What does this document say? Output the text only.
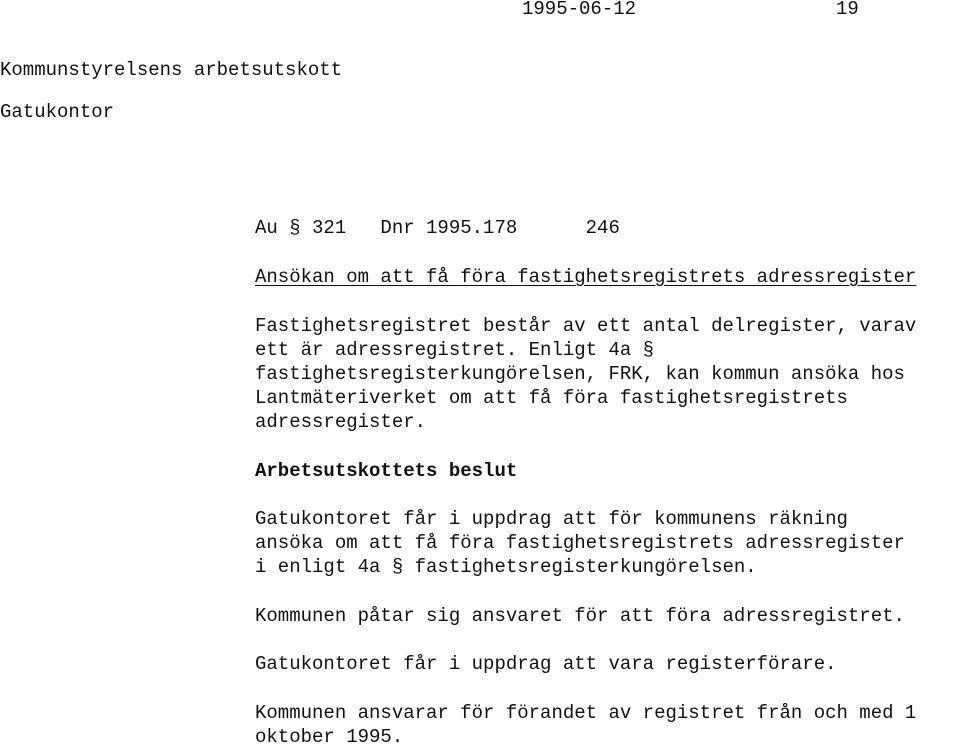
1995-06-12	19
Kommunstyrelsens arbetsutskott
Gatukontor
Au § 321   Dnr 1995.178      246
Ansökan om att få föra fastighetsregistrets adressregister
Fastighetsregistret består av ett antal delregister, varav
ett är adressregistret. Enligt 4a §
fastighetsregisterkungörelsen, FRK, kan kommun ansöka hos
Lantmäteriverket om att få föra fastighetsregistrets
adressregister.
Arbetsutskottets beslut
Gatukontoret får i uppdrag att för kommunens räkning
ansöka om att få föra fastighetsregistrets adressregister
i enligt 4a § fastighetsregisterkungörelsen.
Kommunen påtar sig ansvaret för att föra adressregistret.
Gatukontoret får i uppdrag att vara registerförare.
Kommunen ansvarar för förandet av registret från och med 1
oktober 1995.
